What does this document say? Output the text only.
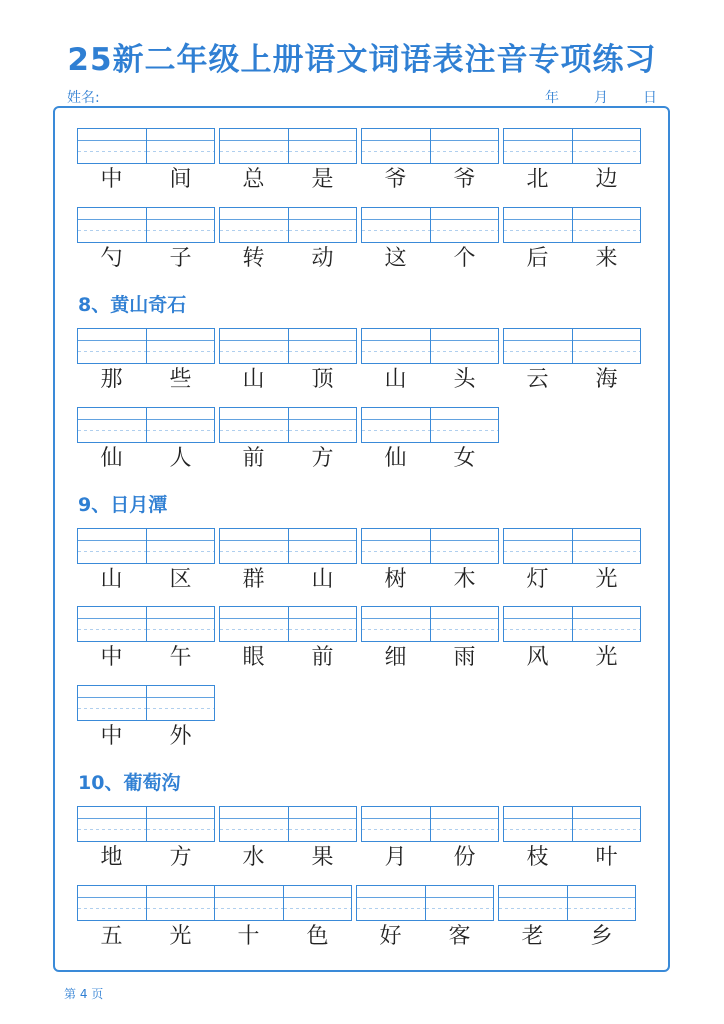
25新二年级上册语文词语表注音专项练习
姓名:	年	月	日
8、黄山奇石
9、日月潭
10、葡萄沟
中	间	总	是	爷	爷	北	边
勺	子	转	动	这	个	后	来
那	些	山	顶	山	头	云	海
仙	人	前	方	仙	女
山	区	群	山	树	木	灯	光
中	午	眼	前	细	雨	风	光
中	外
地	方	水	果	月	份	枝	叶
五	光	十	色	好	客	老	乡
第 4 页
